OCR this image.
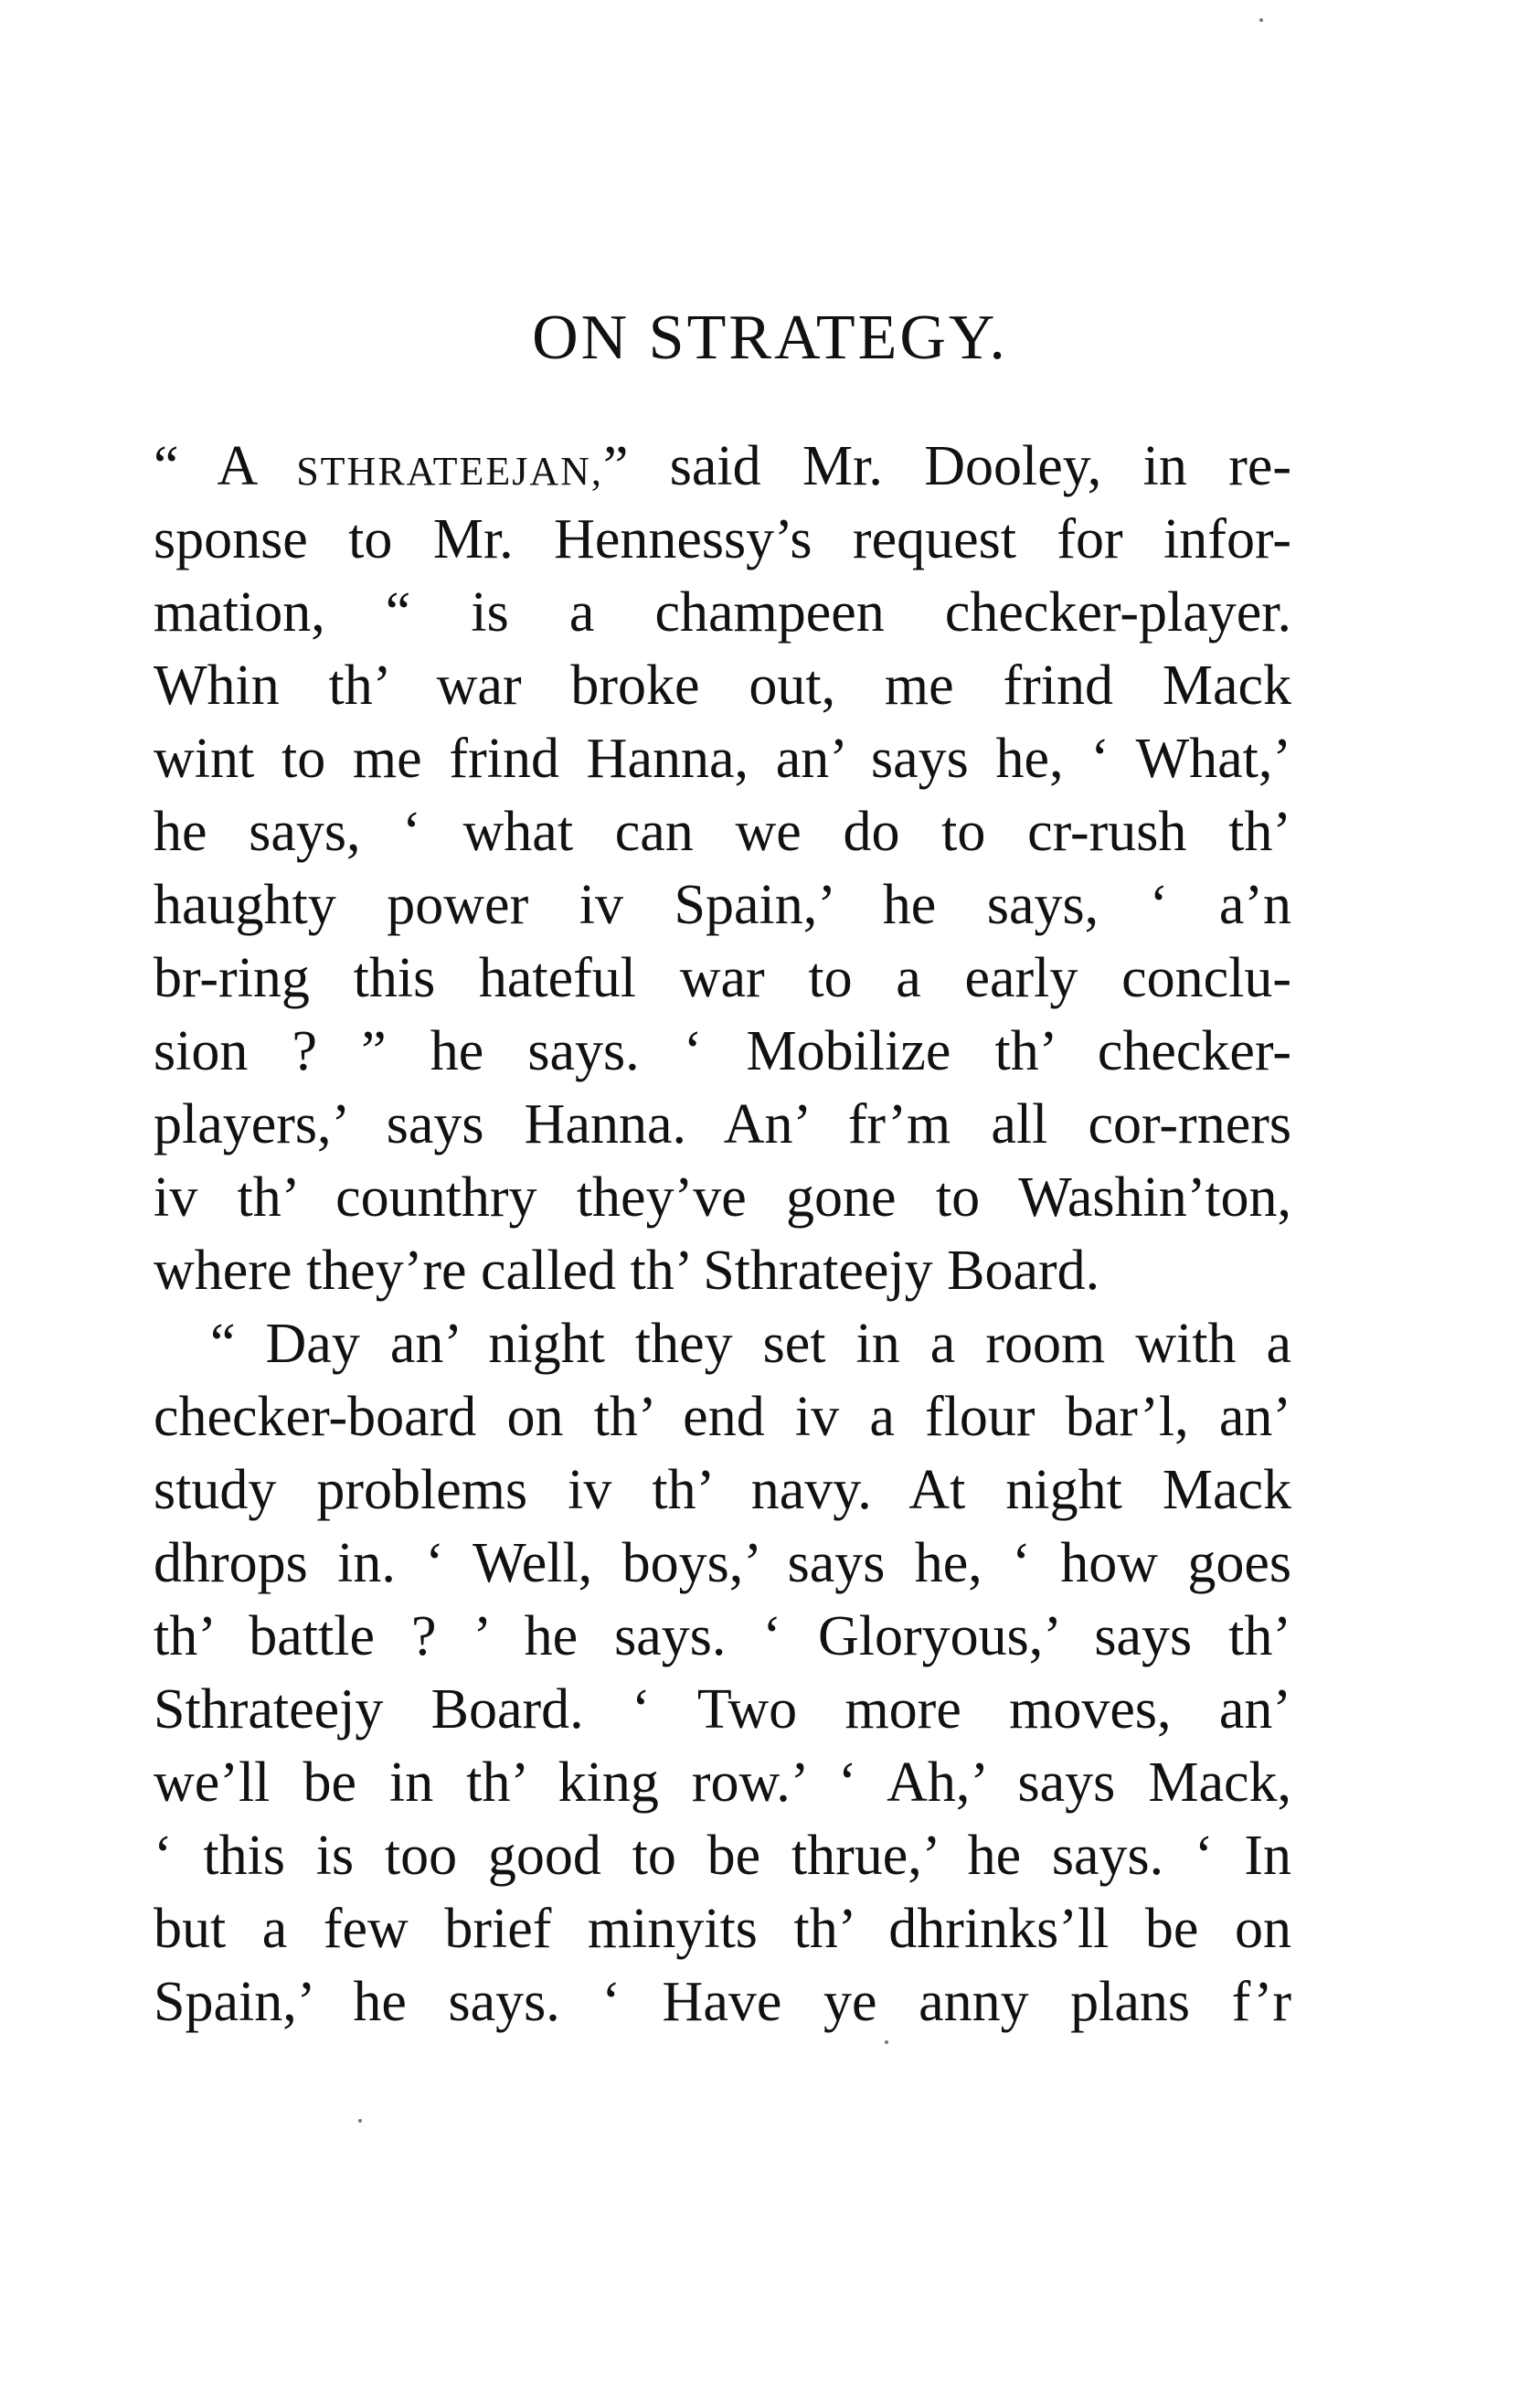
ON STRATEGY.
“ A STHRATEEJAN,” said Mr. Dooley, in re-
sponse to Mr. Hennessy’s request for infor-
mation, “ is a champeen checker-player.
Whin th’ war broke out, me frind Mack
wint to me frind Hanna, an’ says he, ‘ What,’
he says, ‘ what can we do to cr-rush th’
haughty power iv Spain,’ he says, ‘ a’n
br-ring this hateful war to a early conclu-
sion ? ” he says. ‘ Mobilize th’ checker-
players,’ says Hanna. An’ fr’m all cor-rners
iv th’ counthry they’ve gone to Washin’ton,
where they’re called th’ Sthrateejy Board.
“ Day an’ night they set in a room with a
checker-board on th’ end iv a flour bar’l, an’
study problems iv th’ navy. At night Mack
dhrops in. ‘ Well, boys,’ says he, ‘ how goes
th’ battle ? ’ he says. ‘ Gloryous,’ says th’
Sthrateejy Board. ‘ Two more moves, an’
we’ll be in th’ king row.’ ‘ Ah,’ says Mack,
‘ this is too good to be thrue,’ he says. ‘ In
but a few brief minyits th’ dhrinks’ll be on
Spain,’ he says. ‘ Have ye anny plans f’r
